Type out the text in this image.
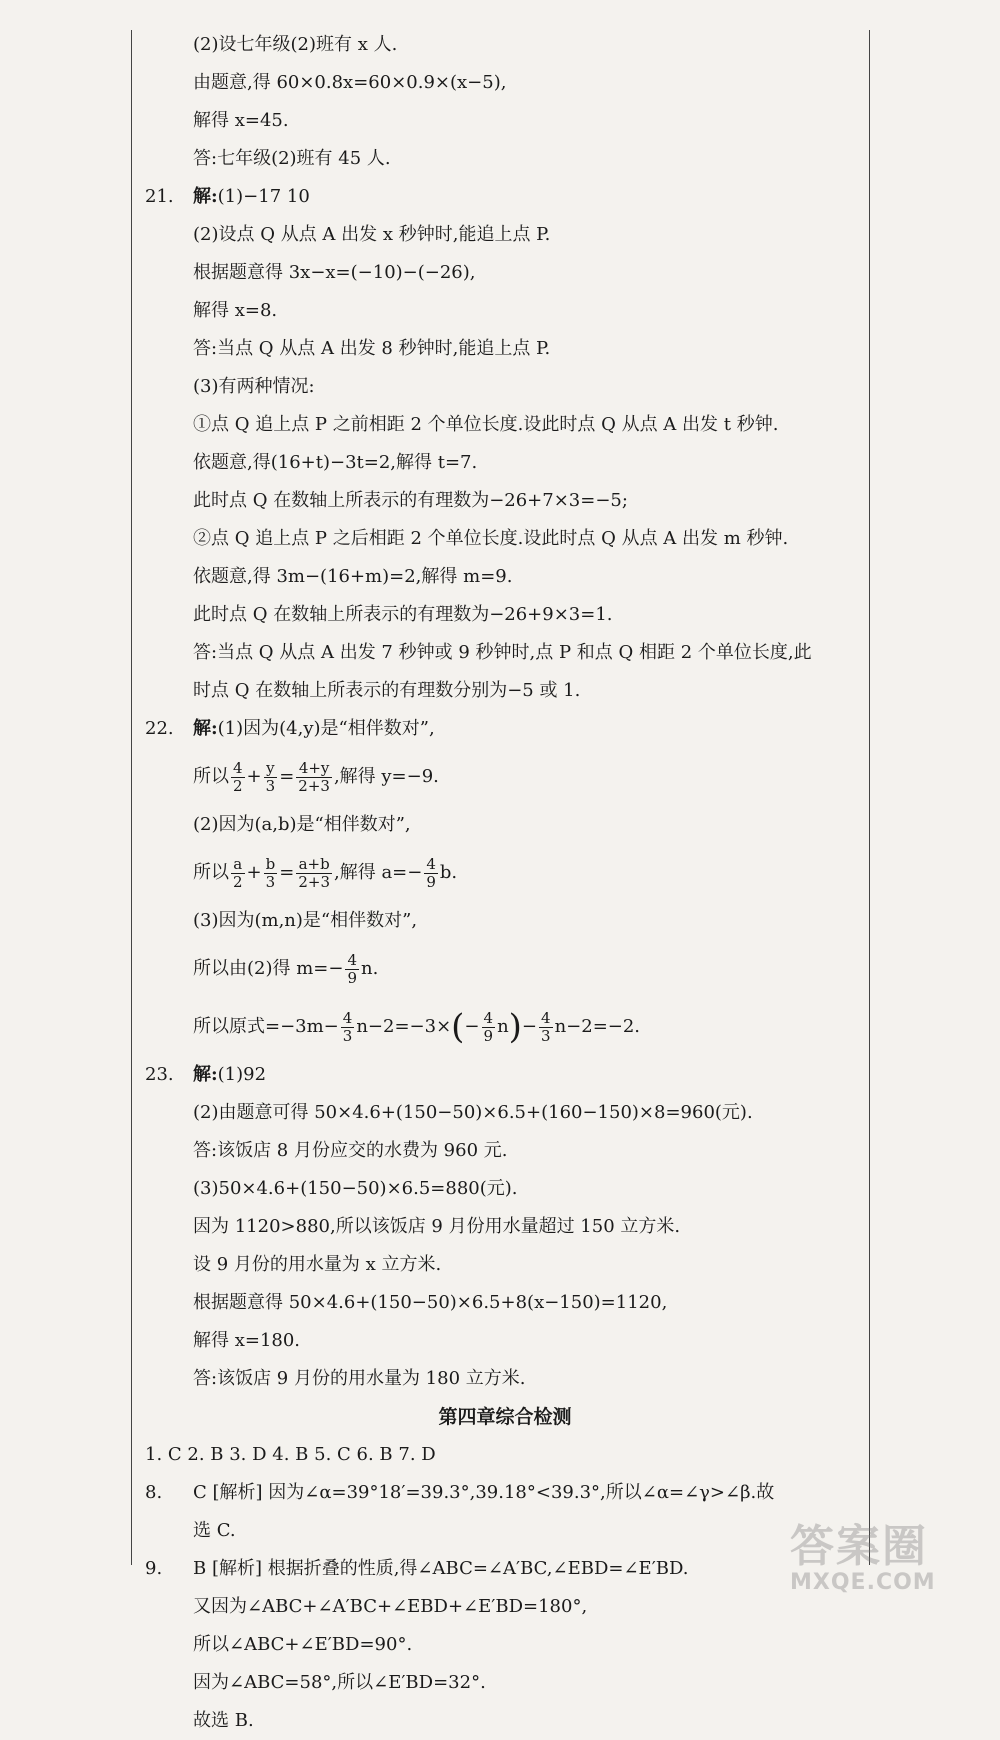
(2)设七年级(2)班有 x 人.
由题意,得 60×0.8x=60×0.9×(x−5),
解得 x=45.
答:七年级(2)班有 45 人.
21. 解:(1)−17 10
(2)设点 Q 从点 A 出发 x 秒钟时,能追上点 P.
根据题意得 3x−x=(−10)−(−26),
解得 x=8.
答:当点 Q 从点 A 出发 8 秒钟时,能追上点 P.
(3)有两种情况:
①点 Q 追上点 P 之前相距 2 个单位长度.设此时点 Q 从点 A 出发 t 秒钟.
依题意,得(16+t)−3t=2,解得 t=7.
此时点 Q 在数轴上所表示的有理数为−26+7×3=−5;
②点 Q 追上点 P 之后相距 2 个单位长度.设此时点 Q 从点 A 出发 m 秒钟.
依题意,得 3m−(16+m)=2,解得 m=9.
此时点 Q 在数轴上所表示的有理数为−26+9×3=1.
答:当点 Q 从点 A 出发 7 秒钟或 9 秒钟时,点 P 和点 Q 相距 2 个单位长度,此
时点 Q 在数轴上所表示的有理数分别为−5 或 1.
22. 解:(1)因为(4,y)是“相伴数对”,
所以 $\frac{4}{2} + \frac{y}{3} = \frac{4+y}{2+3}$ ,解得 y=−9.
(2)因为(a,b)是“相伴数对”,
所以 $\frac{a}{2} + \frac{b}{3} = \frac{a+b}{2+3}$ ,解得 $a=- \frac{4}{9} b$.
(3)因为(m,n)是“相伴数对”,
所以由(2)得 $m=- \frac{4}{9} n$.
所以原式$=-3m- \frac{4}{3} n-2=-3\times(- \frac{4}{9} n)- \frac{4}{3} n-2=-2$.
23. 解:(1)92
(2)由题意可得 50×4.6+(150−50)×6.5+(160−150)×8=960(元).
答:该饭店 8 月份应交的水费为 960 元.
(3)50×4.6+(150−50)×6.5=880(元).
因为 1120>880,所以该饭店 9 月份用水量超过 150 立方米.
设 9 月份的用水量为 x 立方米.
根据题意得 50×4.6+(150−50)×6.5+8(x−150)=1120,
解得 x=180.
答:该饭店 9 月份的用水量为 180 立方米.
第四章综合检测
1. C 2. B 3. D 4. B 5. C 6. B 7. D
8. C [解析] 因为∠α=39°18′=39.3°,39.18°<39.3°,所以∠α=∠γ>∠β.故
选 C.
9. B [解析] 根据折叠的性质,得∠ABC=∠A′BC,∠EBD=∠E′BD.
又因为∠ABC+∠A′BC+∠EBD+∠E′BD=180°,
所以∠ABC+∠E′BD=90°.
因为∠ABC=58°,所以∠E′BD=32°.
故选 B.
答案圈
MXQE.COM
